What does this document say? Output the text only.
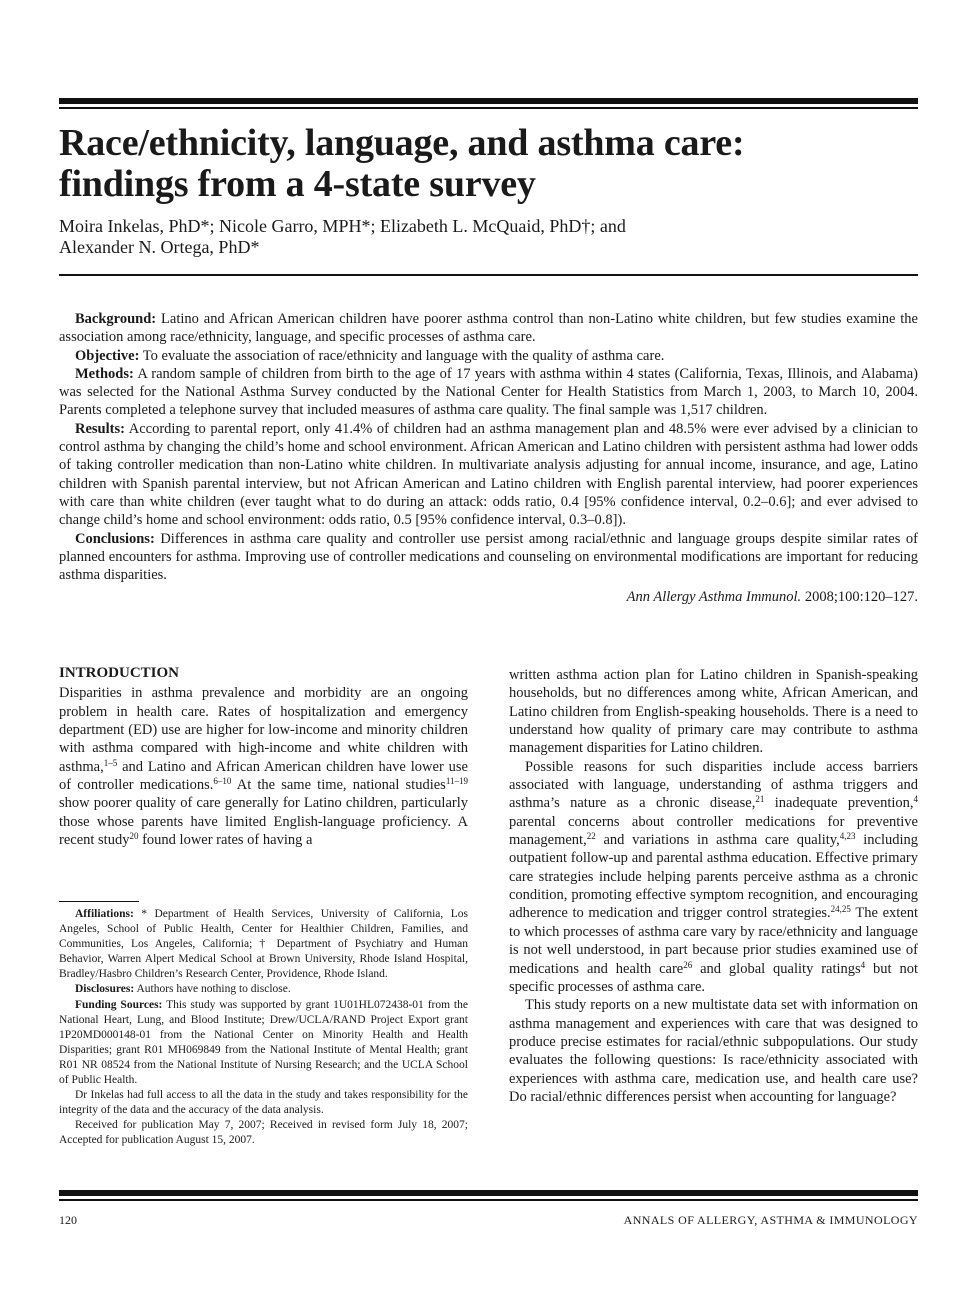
Race/ethnicity, language, and asthma care:
findings from a 4-state survey
Moira Inkelas, PhD*; Nicole Garro, MPH*; Elizabeth L. McQuaid, PhD†; and
Alexander N. Ortega, PhD*

Background: Latino and African American children have poorer asthma control than non-Latino white children, but few studies examine the association among race/ethnicity, language, and specific processes of asthma care.

Objective: To evaluate the association of race/ethnicity and language with the quality of asthma care.

Methods: A random sample of children from birth to the age of 17 years with asthma within 4 states (California, Texas, Illinois, and Alabama) was selected for the National Asthma Survey conducted by the National Center for Health Statistics from March 1, 2003, to March 10, 2004. Parents completed a telephone survey that included measures of asthma care quality. The final sample was 1,517 children.

Results: According to parental report, only 41.4% of children had an asthma management plan and 48.5% were ever advised by a clinician to control asthma by changing the child’s home and school environment. African American and Latino children with persistent asthma had lower odds of taking controller medication than non-Latino white children. In multivariate analysis adjusting for annual income, insurance, and age, Latino children with Spanish parental interview, but not African American and Latino children with English parental interview, had poorer experiences with care than white children (ever taught what to do during an attack: odds ratio, 0.4 [95% confidence interval, 0.2–0.6]; and ever advised to change child’s home and school environment: odds ratio, 0.5 [95% confidence interval, 0.3–0.8]).

Conclusions: Differences in asthma care quality and controller use persist among racial/ethnic and language groups despite similar rates of planned encounters for asthma. Improving use of controller medications and counseling on environmental modifications are important for reducing asthma disparities.

Ann Allergy Asthma Immunol. 2008;100:120–127.

INTRODUCTION

Disparities in asthma prevalence and morbidity are an ongoing problem in health care. Rates of hospitalization and emergency department (ED) use are higher for low-income and minority children with asthma compared with high-income and white children with asthma,$^{1-5}$ and Latino and African American children have lower use of controller medications.$^{6-10}$ At the same time, national studies$^{11-19}$ show poorer quality of care generally for Latino children, particularly those whose parents have limited English-language proficiency. A recent study$^{20}$ found lower rates of having a

Affiliations: * Department of Health Services, University of California, Los Angeles, School of Public Health, Center for Healthier Children, Families, and Communities, Los Angeles, California; † Department of Psychiatry and Human Behavior, Warren Alpert Medical School at Brown University, Rhode Island Hospital, Bradley/Hasbro Children’s Research Center, Providence, Rhode Island.

Disclosures: Authors have nothing to disclose.

Funding Sources: This study was supported by grant 1U01HL072438-01 from the National Heart, Lung, and Blood Institute; Drew/UCLA/RAND Project Export grant 1P20MD000148-01 from the National Center on Minority Health and Health Disparities; grant R01 MH069849 from the National Institute of Mental Health; grant R01 NR 08524 from the National Institute of Nursing Research; and the UCLA School of Public Health.

Dr Inkelas had full access to all the data in the study and takes responsibility for the integrity of the data and the accuracy of the data analysis.

Received for publication May 7, 2007; Received in revised form July 18, 2007; Accepted for publication August 15, 2007.

written asthma action plan for Latino children in Spanish-speaking households, but no differences among white, African American, and Latino children from English-speaking households. There is a need to understand how quality of primary care may contribute to asthma management disparities for Latino children.

Possible reasons for such disparities include access barriers associated with language, understanding of asthma triggers and asthma’s nature as a chronic disease,$^{21}$ inadequate prevention,$^4$ parental concerns about controller medications for preventive management,$^{22}$ and variations in asthma care quality,$^{4,23}$ including outpatient follow-up and parental asthma education. Effective primary care strategies include helping parents perceive asthma as a chronic condition, promoting effective symptom recognition, and encouraging adherence to medication and trigger control strategies.$^{24,25}$ The extent to which processes of asthma care vary by race/ethnicity and language is not well understood, in part because prior studies examined use of medications and health care$^{26}$ and global quality ratings$^4$ but not specific processes of asthma care.

This study reports on a new multistate data set with information on asthma management and experiences with care that was designed to produce precise estimates for racial/ethnic subpopulations. Our study evaluates the following questions: Is race/ethnicity associated with experiences with asthma care, medication use, and health care use? Do racial/ethnic differences persist when accounting for language?

120	ANNALS OF ALLERGY, ASTHMA & IMMUNOLOGY
